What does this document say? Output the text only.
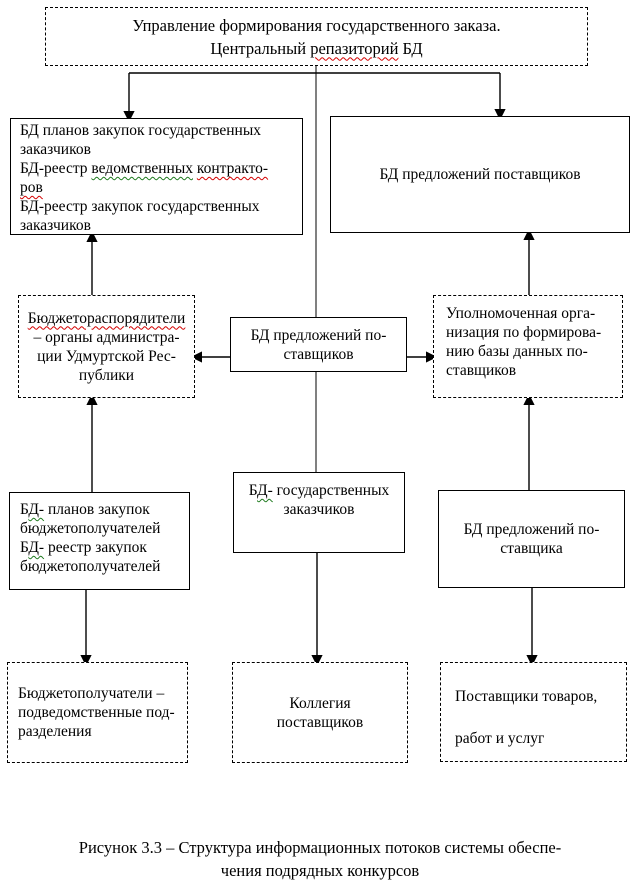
Управление формирования государственного заказа.
Центральный репазиторий БД
БД планов закупок государственных
заказчиков
БД-реестр ведомственных контракто-
ров
БД-реестр закупок государственных
заказчиков
БД предложений поставщиков
Бюджетораспорядители
– органы администра-
ции Удмуртской Рес-
публики
БД предложений по-
ставщиков
Уполномоченная орга-
низация по формирова-
нию базы данных по-
ставщиков
БД- планов закупок
бюджетополучателей
БД- реестр закупок
бюджетополучателей
БД- государственных
заказчиков
БД предложений по-
ставщика
Бюджетополучатели –
подведомственные под-
разделения
Коллегия
поставщиков
Поставщики товаров,
работ и услуг
Рисунок 3.3 – Структура информационных потоков системы обеспе-
чения подрядных конкурсов
